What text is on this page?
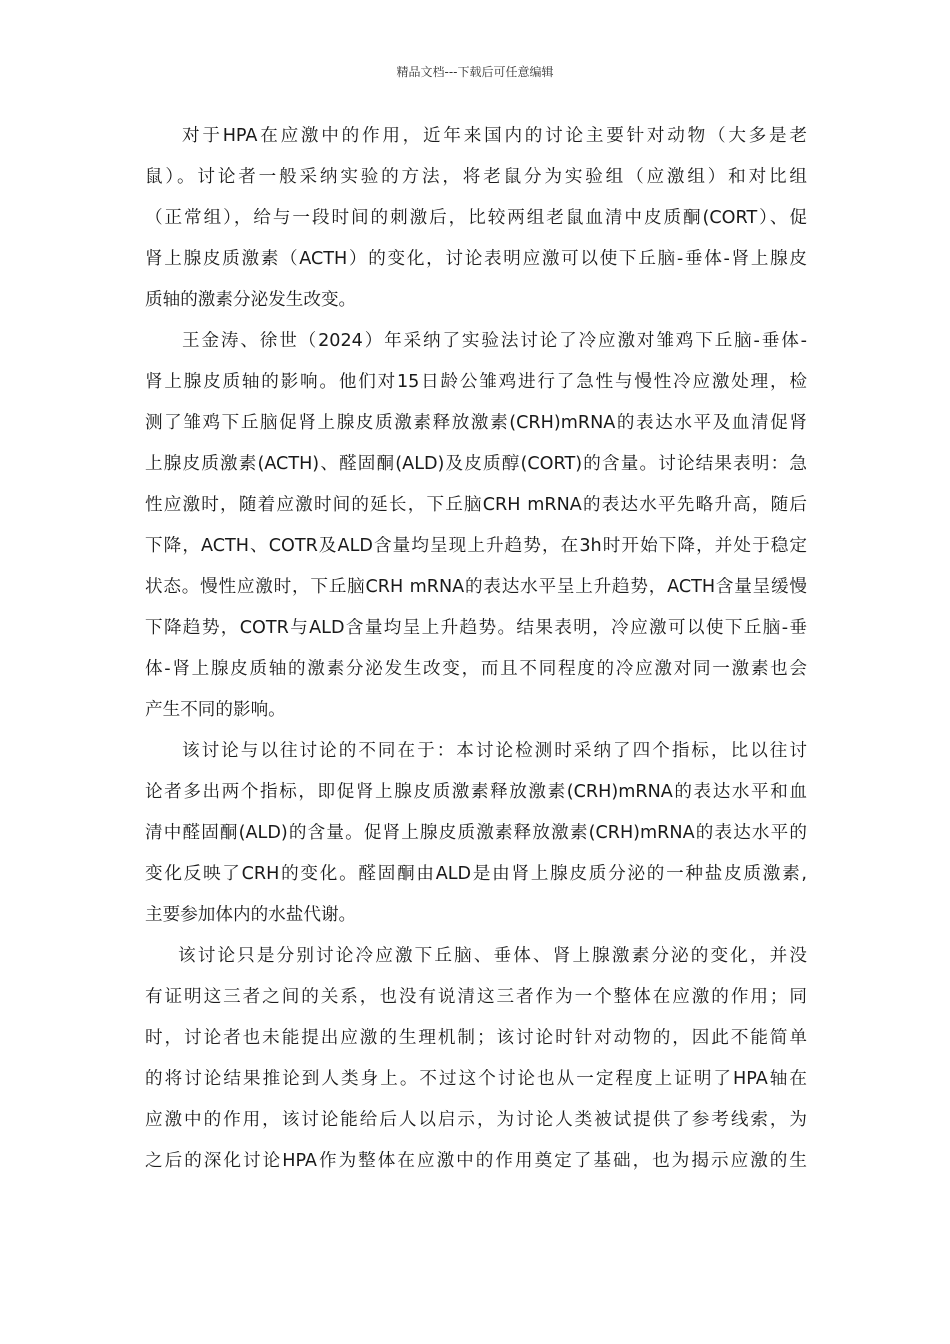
精品文档---下载后可任意编辑
对于HPA在应激中的作用，近年来国内的讨论主要针对动物（大多是老
鼠）。讨论者一般采纳实验的方法，将老鼠分为实验组（应激组）和对比组
（正常组），给与一段时间的刺激后，比较两组老鼠血清中皮质酮(CORT）、促
肾上腺皮质激素（ACTH）的变化，讨论表明应激可以使下丘脑-垂体-肾上腺皮
质轴的激素分泌发生改变。
王金涛、徐世（2024）年采纳了实验法讨论了冷应激对雏鸡下丘脑-垂体-
肾上腺皮质轴的影响。他们对15日龄公雏鸡进行了急性与慢性冷应激处理，检
测了雏鸡下丘脑促肾上腺皮质激素释放激素(CRH)mRNA的表达水平及血清促肾
上腺皮质激素(ACTH)、醛固酮(ALD)及皮质醇(CORT)的含量。讨论结果表明：急
性应激时，随着应激时间的延长，下丘脑CRH mRNA的表达水平先略升高，随后
下降，ACTH、COTR及ALD含量均呈现上升趋势，在3h时开始下降，并处于稳定
状态。慢性应激时，下丘脑CRH mRNA的表达水平呈上升趋势，ACTH含量呈缓慢
下降趋势，COTR与ALD含量均呈上升趋势。结果表明，冷应激可以使下丘脑-垂
体-肾上腺皮质轴的激素分泌发生改变，而且不同程度的冷应激对同一激素也会
产生不同的影响。
该讨论与以往讨论的不同在于：本讨论检测时采纳了四个指标，比以往讨
论者多出两个指标，即促肾上腺皮质激素释放激素(CRH)mRNA的表达水平和血
清中醛固酮(ALD)的含量。促肾上腺皮质激素释放激素(CRH)mRNA的表达水平的
变化反映了CRH的变化。醛固酮由ALD是由肾上腺皮质分泌的一种盐皮质激素,
主要参加体内的水盐代谢。
该讨论只是分别讨论冷应激下丘脑、垂体、肾上腺激素分泌的变化，并没
有证明这三者之间的关系，也没有说清这三者作为一个整体在应激的作用；同
时，讨论者也未能提出应激的生理机制；该讨论时针对动物的，因此不能简单
的将讨论结果推论到人类身上。不过这个讨论也从一定程度上证明了HPA轴在
应激中的作用，该讨论能给后人以启示，为讨论人类被试提供了参考线索，为
之后的深化讨论HPA作为整体在应激中的作用奠定了基础，也为揭示应激的生
